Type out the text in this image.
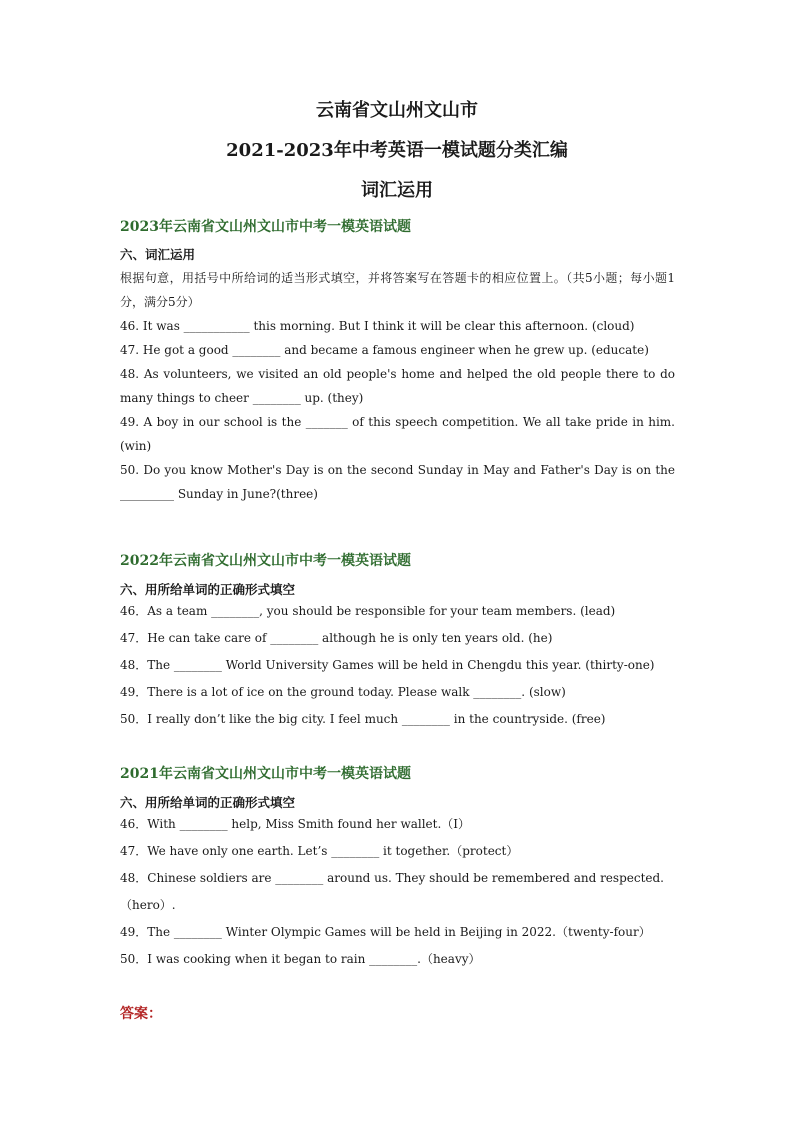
云南省文山州文山市
2021-2023年中考英语一模试题分类汇编
词汇运用
2023年云南省文山州文山市中考一模英语试题
六、词汇运用
根据句意，用括号中所给词的适当形式填空，并将答案写在答题卡的相应位置上。（共5小题；每小题1分，满分5分）
46. It was ___________ this morning. But I think it will be clear this afternoon. (cloud)
47. He got a good ________ and became a famous engineer when he grew up. (educate)
48. As volunteers, we visited an old people's home and helped the old people there to do many things to cheer ________ up. (they)
49. A boy in our school is the _______ of this speech competition. We all take pride in him. (win)
50. Do you know Mother's Day is on the second Sunday in May and Father's Day is on the _________ Sunday in June?(three)
2022年云南省文山州文山市中考一模英语试题
六、用所给单词的正确形式填空
46．As a team ________, you should be responsible for your team members. (lead)
47．He can take care of ________ although he is only ten years old. (he)
48．The ________ World University Games will be held in Chengdu this year. (thirty-one)
49．There is a lot of ice on the ground today. Please walk ________. (slow)
50．I really don’t like the big city. I feel much ________ in the countryside. (free)
2021年云南省文山州文山市中考一模英语试题
六、用所给单词的正确形式填空
46．With ________ help, Miss Smith found her wallet.（I）
47．We have only one earth. Let’s ________ it together.（protect）
48．Chinese soldiers are ________ around us. They should be remembered and respected.（hero）.
49．The ________ Winter Olympic Games will be held in Beijing in 2022.（twenty-four）
50．I was cooking when it began to rain ________.（heavy）
答案：
